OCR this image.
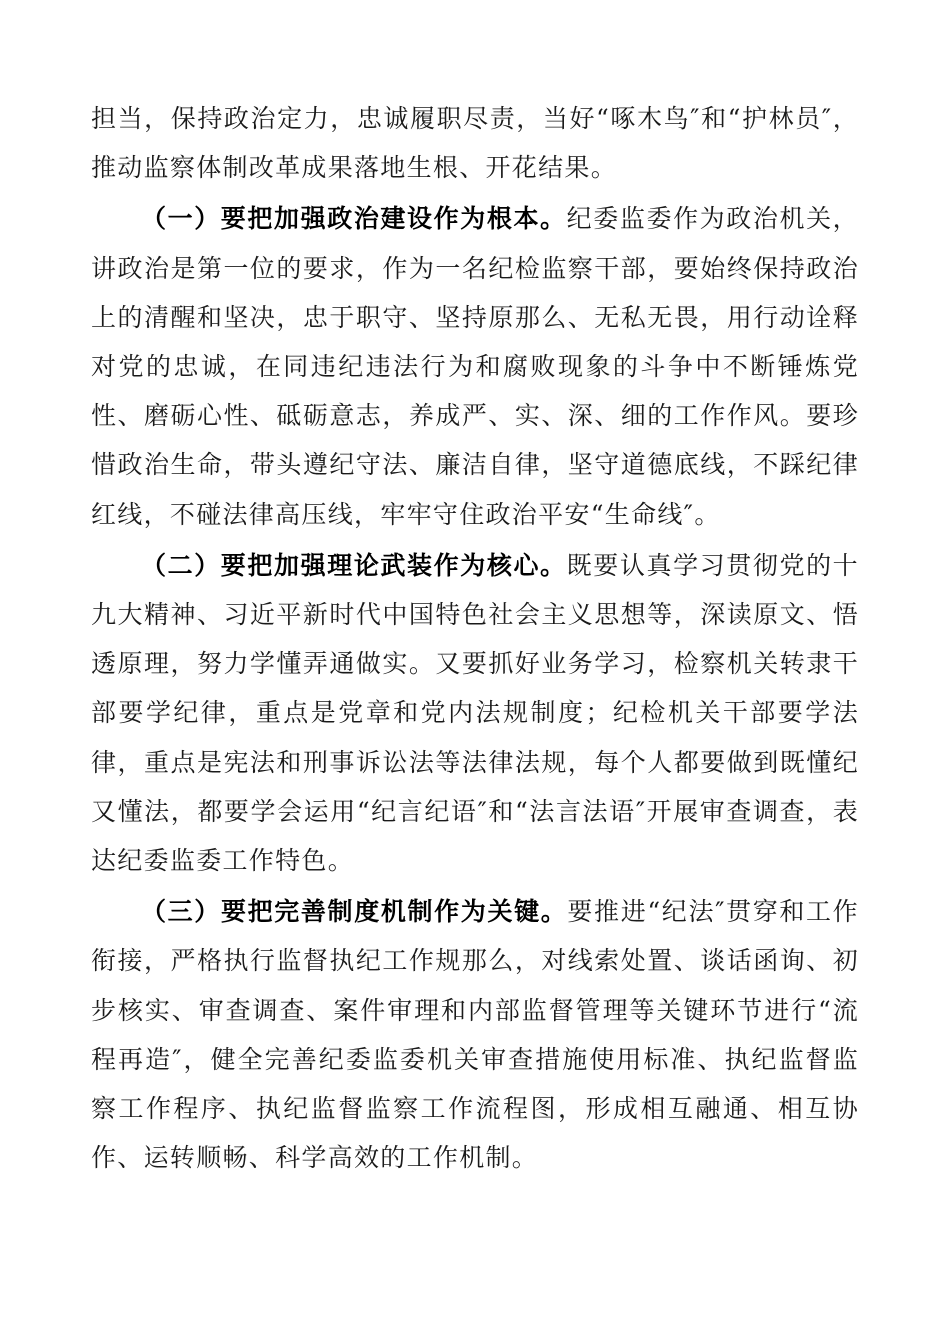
担当，保持政治定力，忠诚履职尽责，当好“啄木鸟″和“护林员″，推动监察体制改革成果落地生根、开花结果。

（一）要把加强政治建设作为根本。纪委监委作为政治机关，讲政治是第一位的要求，作为一名纪检监察干部，要始终保持政治上的清醒和坚决，忠于职守、坚持原那么、无私无畏，用行动诠释对党的忠诚，在同违纪违法行为和腐败现象的斗争中不断锤炼党性、磨砺心性、砥砺意志，养成严、实、深、细的工作作风。要珍惜政治生命，带头遵纪守法、廉洁自律，坚守道德底线，不踩纪律红线，不碰法律高压线，牢牢守住政治平安“生命线″。

（二）要把加强理论武装作为核心。既要认真学习贯彻党的十九大精神、习近平新时代中国特色社会主义思想等，深读原文、悟透原理，努力学懂弄通做实。又要抓好业务学习，检察机关转隶干部要学纪律，重点是党章和党内法规制度；纪检机关干部要学法律，重点是宪法和刑事诉讼法等法律法规，每个人都要做到既懂纪又懂法，都要学会运用“纪言纪语″和“法言法语″开展审查调查，表达纪委监委工作特色。

（三）要把完善制度机制作为关键。要推进“纪法″贯穿和工作衔接，严格执行监督执纪工作规那么，对线索处置、谈话函询、初步核实、审查调查、案件审理和内部监督管理等关键环节进行“流程再造″，健全完善纪委监委机关审查措施使用标准、执纪监督监察工作程序、执纪监督监察工作流程图，形成相互融通、相互协作、运转顺畅、科学高效的工作机制。
